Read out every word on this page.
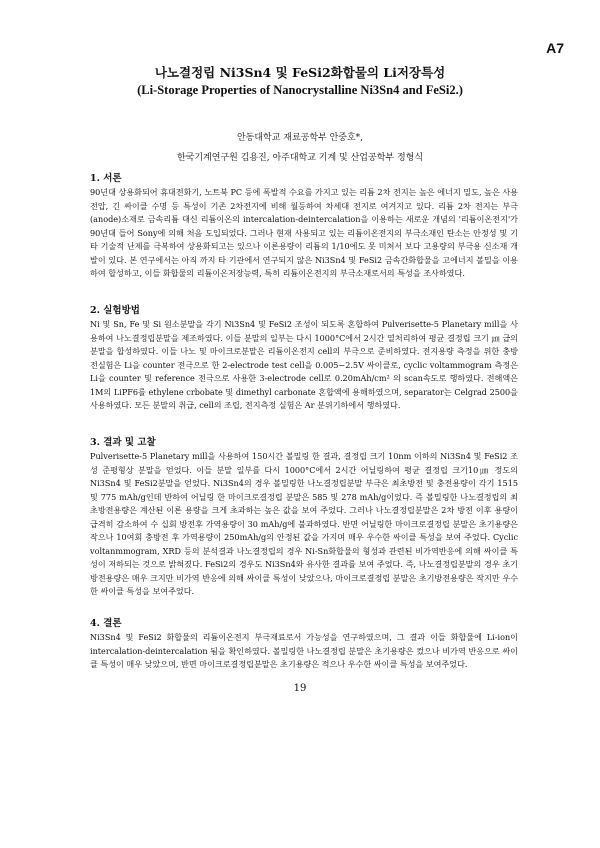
A7
나노결정립 Ni3Sn4 및 FeSi2화합물의 Li저장특성
(Li-Storage Properties of Nanocrystalline Ni3Sn4 and FeSi2.)
안동대학교 재료공학부 안중호*,
한국기계연구원 김용진, 아주대학교 기계 및 산업공학부 정형식
1. 서론

90년대 상용화되어 휴대전화기, 노트북 PC 등에 폭발적 수요를 가지고 있는 리튬 2차 전지는 높은 에너지 밀도, 높은 사용전압, 긴 싸이클 수명 등 특성이 기존 2차전지에 비해 월등하여 차세대 전지로 여겨지고 있다. 리튬 2차 전지는 부극(anode)소재로 금속리튬 대신 리튬이온의 intercalation-deintercalation을 이용하는 새로운 개념의 '리튬이온전지'가 90년대 들어 Sony에 의해 처음 도입되었다. 그러나 현재 사용되고 있는 리튬이온전지의 부극소재인 탄소는 안정성 및 기타 기술적 난제를 극복하여 상용화되고는 있으나 이론용량이 리튬의 1/10에도 못 미쳐서 보다 고용량의 부극용 신소재 개발이 있다. 본 연구에서는 아직 까지 타 기관에서 연구되지 않은 Ni3Sn4 및 FeSi2 금속간화합물을 고에너지 볼밀을 이용하여 합성하고, 이들 화합물의 리튬이온저장능력, 특히 리튬이온전지의 부극소재로서의 특성을 조사하였다.

2. 실험방법

Ni 및 Sn, Fe 및 Si 원소분말을 각기 Ni3Sn4 및 FeSi2 조성이 되도록 혼합하여 Pulverisette-5 Planetary mill을 사용하여 나노결정립분말을 제조하였다. 이들 분말의 일부는 다시 1000°C에서 2시간 열처리하여 평균 결정립 크기 ㎛ 급의 분말을 합성하였다. 이들 나노 및 마이크로분말은 리튬이온전지 cell의 부극으로 준비하였다. 전지용량 측정을 위한 충방전실험은 Li을 counter 전극으로 한 2-electrode test cell을 0.005~2.5V 싸이클로, cyclic voltammogram 측정은 Li을 counter 및 reference 전극으로 사용한 3-electrode cell로 0.20mAh/cm² 의 scan속도로 행하였다. 전해액은 1M의 LiPF6를 ethylene crbobate 및 dimethyl carbonate 혼합액에 용해하였으며, separator는 Celgrad 2500을 사용하였다. 모든 분말의 취급, cell의 조립, 전지측정 실험은 Ar 분위기하에서 행하였다.

3. 결과 및 고찰

Pulverisette-5 Planetary mill을 사용하여 150시간 볼밀링 한 결과, 결정립 크기 10nm 이하의 Ni3Sn4 및 FeSi2 조성 준평형상 분말을 얻었다. 이들 분말 일부를 다시 1000°C에서 2시간 어닐링하여 평균 결정립 크기10㎛ 정도의Ni3Sn4 및 FeSi2분말을 얻었다. Ni3Sn4의 경우 볼밀링한 나노결정립분말 부극은 최초방전 및 충전용량이 각기 1515 및 775 mAh/g인데 반하여 어닐링 한 마이크로결정립 분말은 585 및 278 mAh/g이었다. 즉 볼밀링한 나노결정립의 최초방전용량은 계산된 이론 용량을 크게 초과하는 높은 값을 보여 주었다. 그러나 나노결정립분말은 2차 방전 이후 용량이 급격히 감소하여 수 십회 방전후 가역용량이 30 mAh/g에 불과하였다. 반면 어닐링한 마이크로결정립 분말은 초기용량은 작으나 10여회 충방전 후 가역용량이 250mAh/g의 안정된 값을 가지며 매우 우수한 싸이클 특성을 보여 주었다. Cyclic voltanmmogram, XRD 등의 분석결과 나노결정립의 경우 Ni-Sn화합물의 형성과 관련된 비가역반응에 의해 싸이클 특성이 저하되는 것으로 밝혀졌다. FeSi2의 경우도 Ni3Sn4와 유사한 결과를 보여 주었다. 즉, 나노결정립분말의 경우 초기방전용량은 매우 크지만 비가역 반응에 의해 싸이클 특성이 낮았으나, 마이크로결정립 분말은 초기방전용량은 작지만 우수한 싸이클 특성을 보여주었다.

4. 결론

Ni3Sn4 및 FeSi2 화합물의 리튬이온전지 부극재료로서 가능성을 연구하였으며, 그 결과 이들 화합물에 Li-ion이 intercalation-deintercalation 됨을 확인하였다. 볼밀링한 나노결정립 분말은 초기용량은 컸으나 비가역 반응으로 싸이클 특성이 매우 낮았으며, 반면 마이크로결정립분말은 초기용량은 적으나 우수한 싸이클 특성을 보여주었다.

19
